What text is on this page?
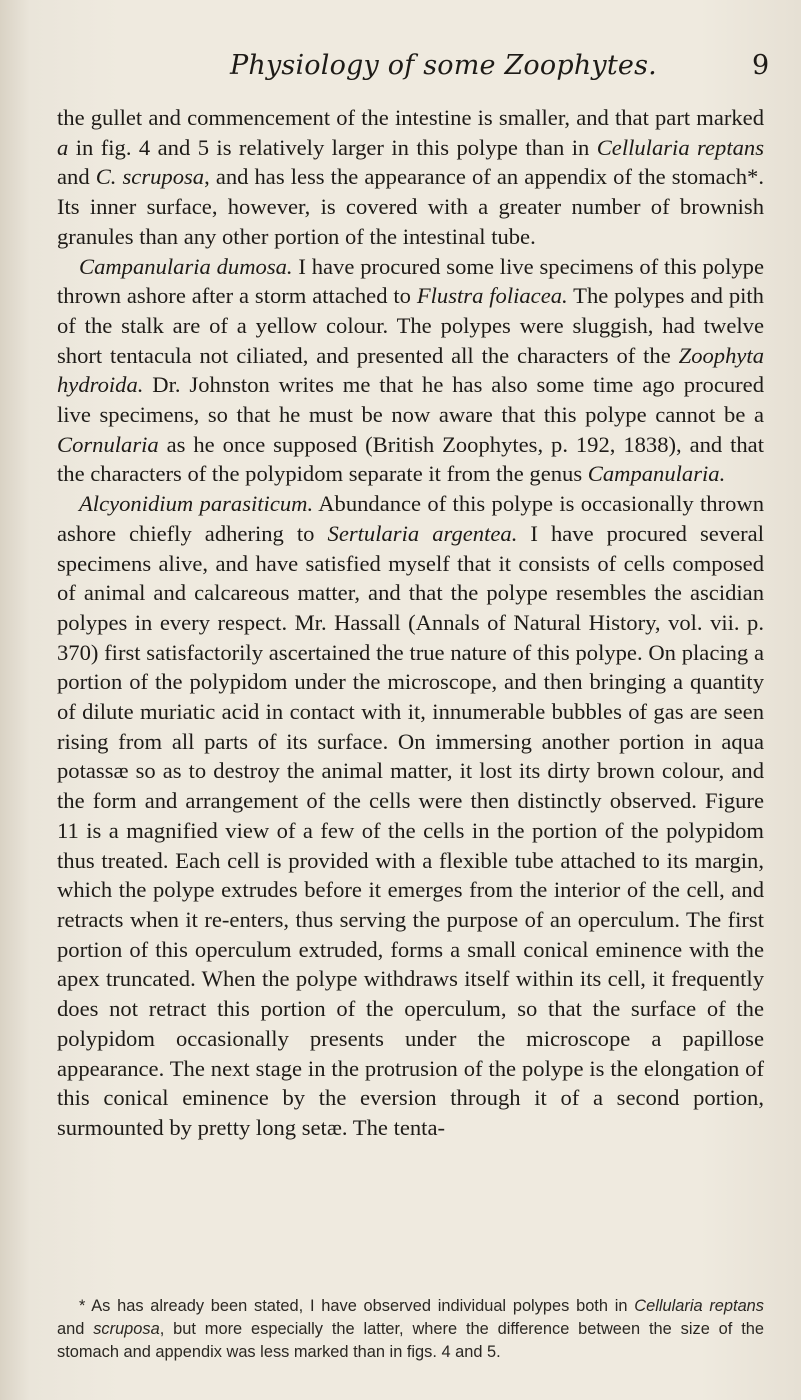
Physiology of some Zoophytes.	9

the gullet and commencement of the intestine is smaller, and that part marked a in fig. 4 and 5 is relatively larger in this polype than in Cellularia reptans and C. scruposa, and has less the appearance of an appendix of the stomach*. Its inner surface, however, is covered with a greater number of brownish granules than any other portion of the intestinal tube.

Campanularia dumosa. I have procured some live specimens of this polype thrown ashore after a storm attached to Flustra foliacea. The polypes and pith of the stalk are of a yellow colour. The polypes were sluggish, had twelve short tentacula not ciliated, and presented all the characters of the Zoophyta hydroida. Dr. Johnston writes me that he has also some time ago procured live specimens, so that he must be now aware that this polype cannot be a Cornularia as he once supposed (British Zoophytes, p. 192, 1838), and that the characters of the polypidom separate it from the genus Campanularia.

Alcyonidium parasiticum. Abundance of this polype is occasionally thrown ashore chiefly adhering to Sertularia argentea. I have procured several specimens alive, and have satisfied myself that it consists of cells composed of animal and calcareous matter, and that the polype resembles the ascidian polypes in every respect. Mr. Hassall (Annals of Natural History, vol. vii. p. 370) first satisfactorily ascertained the true nature of this polype. On placing a portion of the polypidom under the microscope, and then bringing a quantity of dilute muriatic acid in contact with it, innumerable bubbles of gas are seen rising from all parts of its surface. On immersing another portion in aqua potassæ so as to destroy the animal matter, it lost its dirty brown colour, and the form and arrangement of the cells were then distinctly observed. Figure 11 is a magnified view of a few of the cells in the portion of the polypidom thus treated. Each cell is provided with a flexible tube attached to its margin, which the polype extrudes before it emerges from the interior of the cell, and retracts when it re-enters, thus serving the purpose of an operculum. The first portion of this operculum extruded, forms a small conical eminence with the apex truncated. When the polype withdraws itself within its cell, it frequently does not retract this portion of the operculum, so that the surface of the polypidom occasionally presents under the microscope a papillose appearance. The next stage in the protrusion of the polype is the elongation of this conical eminence by the eversion through it of a second portion, surmounted by pretty long setæ. The tenta-

* As has already been stated, I have observed individual polypes both in Cellularia reptans and scruposa, but more especially the latter, where the difference between the size of the stomach and appendix was less marked than in figs. 4 and 5.
